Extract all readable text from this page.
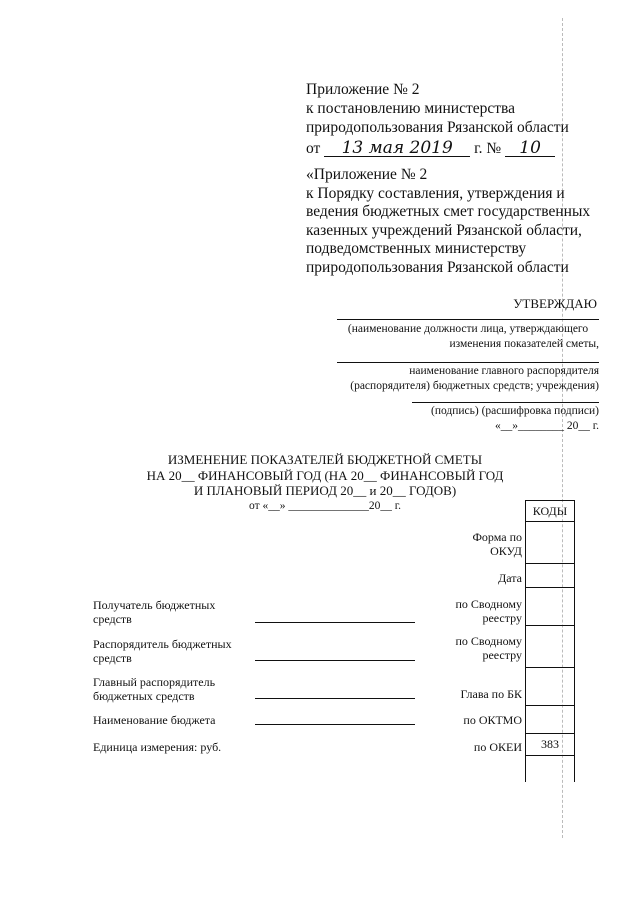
Приложение № 2
к постановлению министерства
природопользования Рязанской области
от 13 мая 2019 г. № 10
«Приложение № 2
к Порядку составления, утверждения и
ведения бюджетных смет государственных
казенных учреждений Рязанской области,
подведомственных министерству
природопользования Рязанской области
УТВЕРЖДАЮ
(наименование должности лица, утверждающего
изменения показателей сметы,
наименование главного распорядителя
(распорядителя) бюджетных средств; учреждения)
(подпись) (расшифровка подписи)
«__»________ 20__ г.
ИЗМЕНЕНИЕ ПОКАЗАТЕЛЕЙ БЮДЖЕТНОЙ СМЕТЫ
НА 20__ ФИНАНСОВЫЙ ГОД (НА 20__ ФИНАНСОВЫЙ ГОД
И ПЛАНОВЫЙ ПЕРИОД 20__ и 20__ ГОДОВ)
от «__» ______________20__ г.	КОДЫ
383
Форма по
ОКУД
Дата
по Сводному
реестру
по Сводному
реестру
Глава по БК
по ОКТМО
по ОКЕИ
Получатель бюджетных
средств
Распорядитель бюджетных
средств
Главный распорядитель
бюджетных средств
Наименование бюджета
Единица измерения: руб.
